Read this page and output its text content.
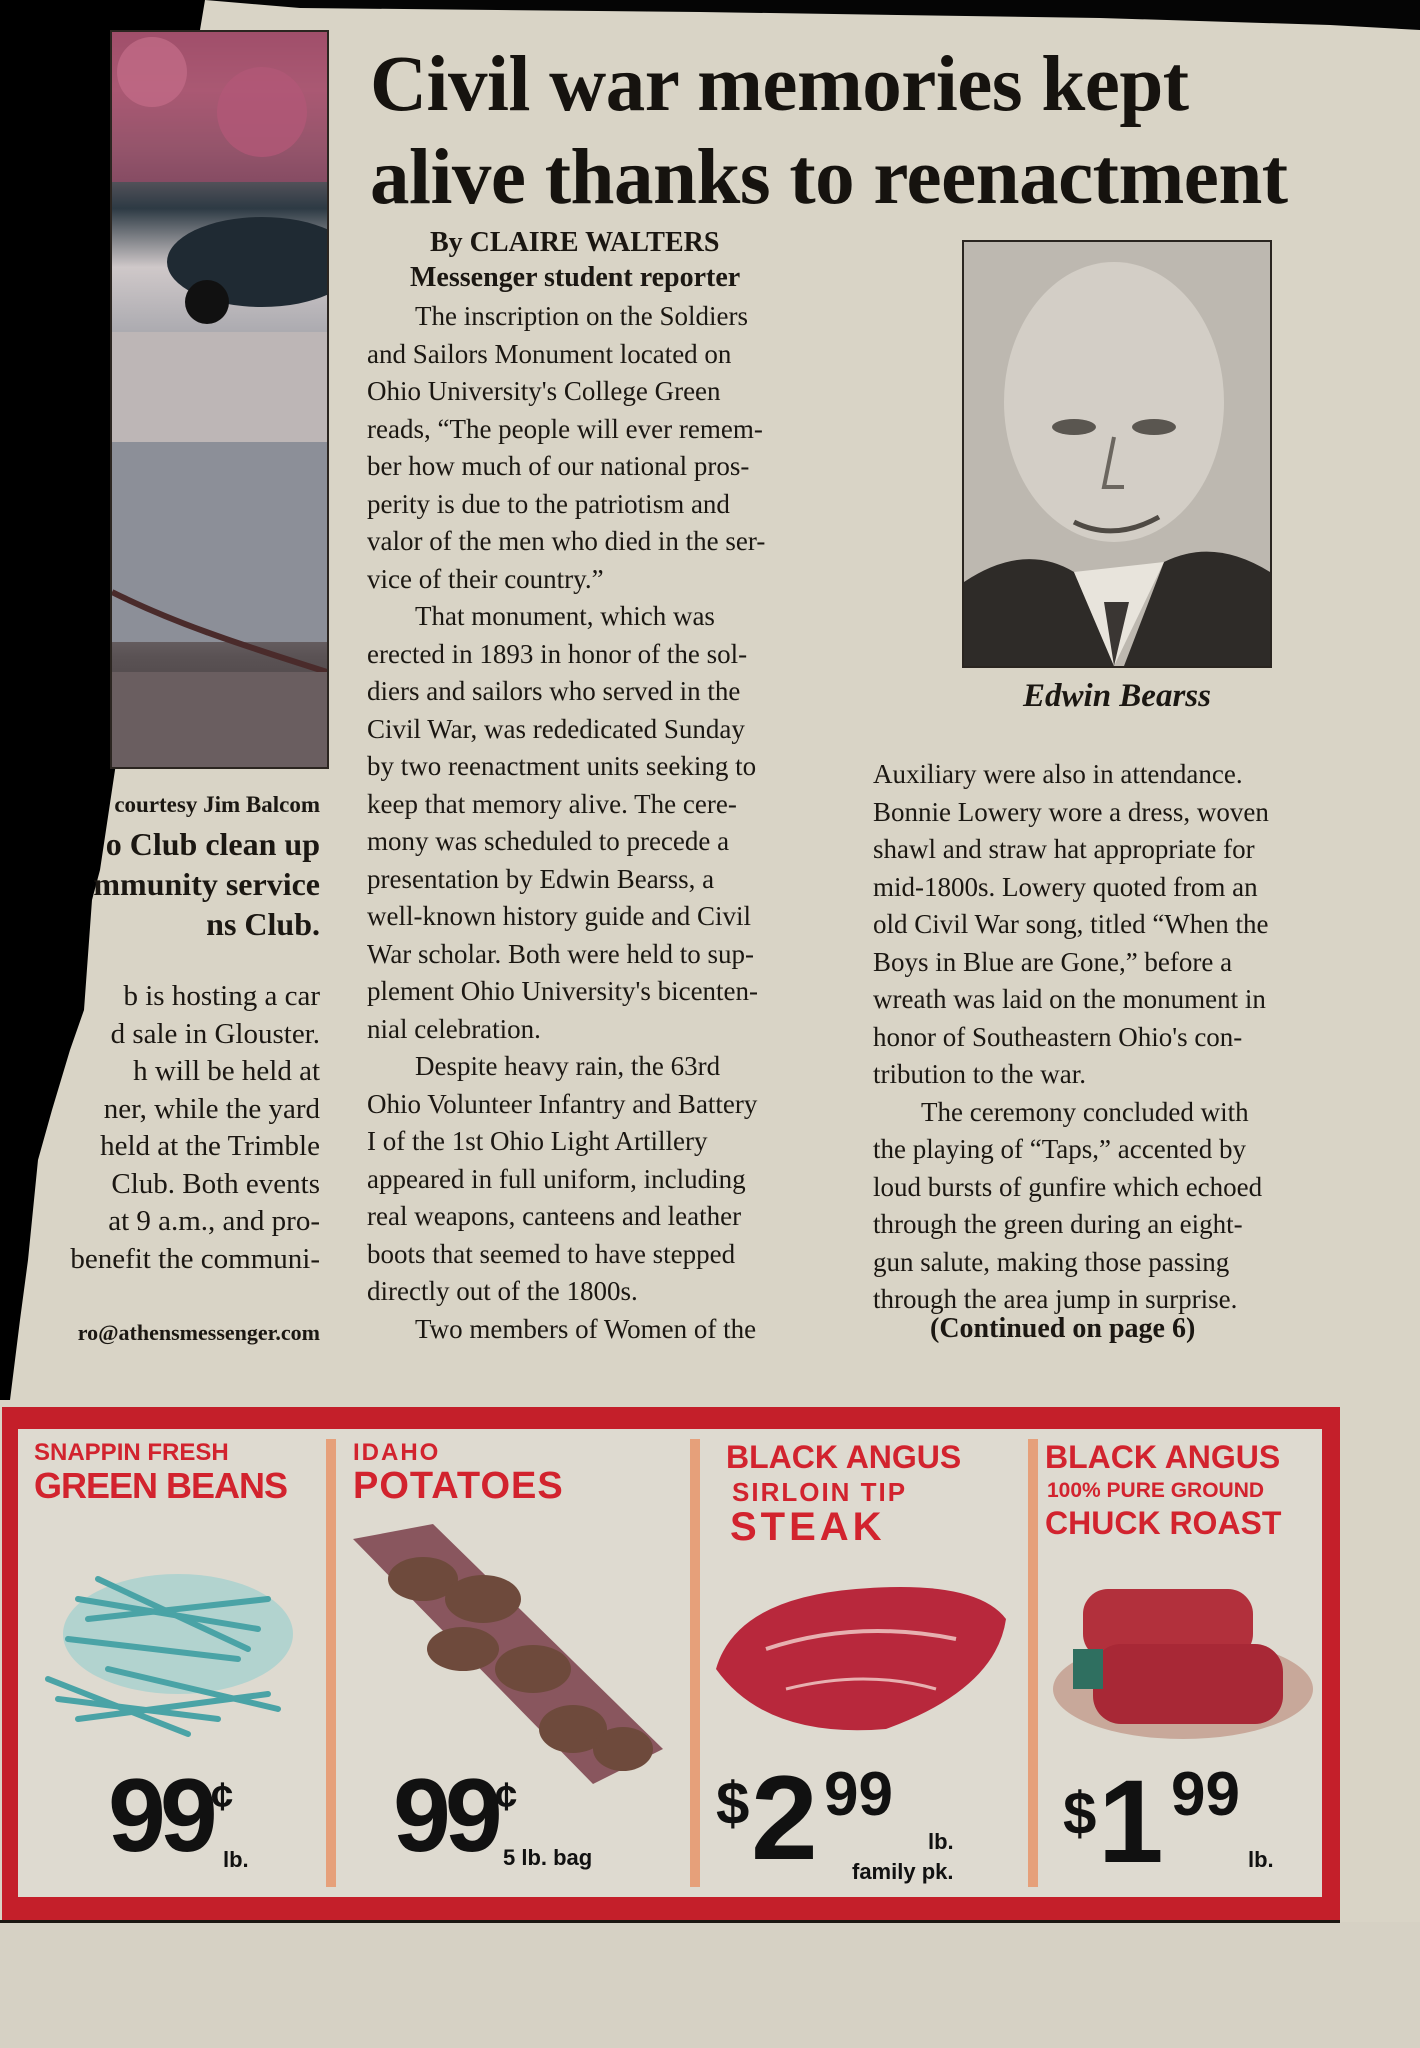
courtesy Jim Balcom
o Club clean up
mmunity service
ns Club.
b is hosting a car
d sale in Glouster.
h will be held at
ner, while the yard
held at the Trimble
Club. Both events
at 9 a.m., and pro-
benefit the communi-
ro@athensmessenger.com
Civil war memories kept
alive thanks to reenactment
By CLAIRE WALTERS
Messenger student reporter
The inscription on the Soldiers
and Sailors Monument located on
Ohio University's College Green
reads, “The people will ever remem-
ber how much of our national pros-
perity is due to the patriotism and
valor of the men who died in the ser-
vice of their country.”
That monument, which was
erected in 1893 in honor of the sol-
diers and sailors who served in the
Civil War, was rededicated Sunday
by two reenactment units seeking to
keep that memory alive. The cere-
mony was scheduled to precede a
presentation by Edwin Bearss, a
well-known history guide and Civil
War scholar. Both were held to sup-
plement Ohio University's bicenten-
nial celebration.
Despite heavy rain, the 63rd
Ohio Volunteer Infantry and Battery
I of the 1st Ohio Light Artillery
appeared in full uniform, including
real weapons, canteens and leather
boots that seemed to have stepped
directly out of the 1800s.
Two members of Women of the
Edwin Bearss
Auxiliary were also in attendance.
Bonnie Lowery wore a dress, woven
shawl and straw hat appropriate for
mid-1800s. Lowery quoted from an
old Civil War song, titled “When the
Boys in Blue are Gone,” before a
wreath was laid on the monument in
honor of Southeastern Ohio's con-
tribution to the war.
The ceremony concluded with
the playing of “Taps,” accented by
loud bursts of gunfire which echoed
through the green during an eight-
gun salute, making those passing
through the area jump in surprise.
(Continued on page 6)
SNAPPIN FRESH
GREEN BEANS
99 ¢
lb.
IDAHO
POTATOES
99
¢
5 lb. bag
BLACK ANGUS
SIRLOIN TIP
STEAK
$ 2 99
lb.
family pk.
BLACK ANGUS
100% PURE GROUND
CHUCK ROAST
$ 1 99
lb.
